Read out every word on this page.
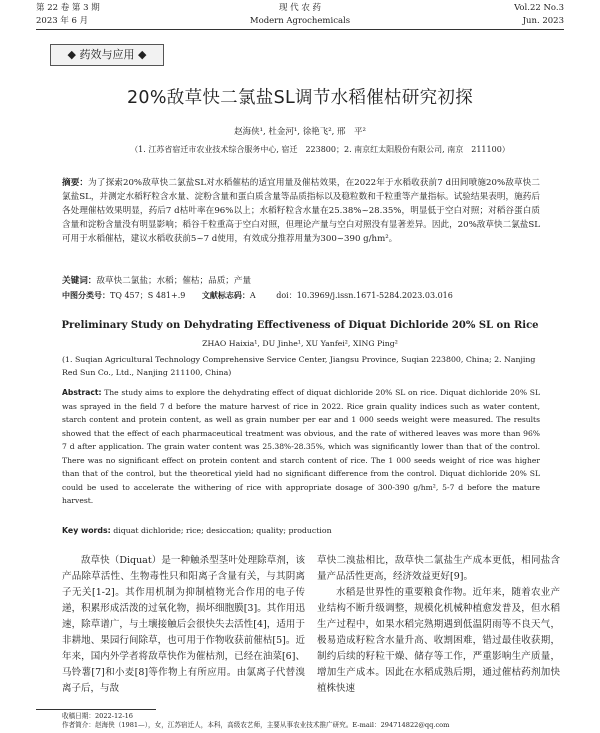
第 22 卷 第 3 期	现 代 农 药	Vol.22 No.3
2023 年 6 月	Modern Agrochemicals	Jun. 2023
◆ 药效与应用 ◆
20%敌草快二氯盐SL调节水稻催枯研究初探
赵海侠¹, 杜金河¹, 徐艳飞², 邢　平²
（1. 江苏省宿迁市农业技术综合服务中心, 宿迁　223800；2. 南京红太阳股份有限公司, 南京　211100）
摘要：为了探索20%敌草快二氯盐SL对水稻催枯的适宜用量及催枯效果，在2022年于水稻收获前7 d田间喷施20%敌草快二氯盐SL，并测定水稻籽粒含水量、淀粉含量和蛋白质含量等品质指标以及稳粒数和千粒重等产量指标。试验结果表明，施药后各处理催枯效果明显，药后7 d枯叶率在96%以上；水稻籽粒含水量在25.38%~28.35%，明显低于空白对照；对稻谷蛋白质含量和淀粉含量没有明显影响；稻谷千粒重高于空白对照，但理论产量与空白对照没有显著差异。因此，20%敌草快二氯盐SL可用于水稻催枯，建议水稻收获前5~7 d使用，有效成分推荐用量为300~390 g/hm²。
关键词：敌草快二氯盐；水稻；催枯；品质；产量
中图分类号：TQ 457；S 481+.9 文献标志码：A	doi：10.3969/j.issn.1671-5284.2023.03.016
Preliminary Study on Dehydrating Effectiveness of Diquat Dichloride 20% SL on Rice
ZHAO Haixia¹, DU Jinhe¹, XU Yanfei², XING Ping²
(1. Suqian Agricultural Technology Comprehensive Service Center, Jiangsu Province, Suqian 223800, China; 2. Nanjing Red Sun Co., Ltd., Nanjing 211100, China)
Abstract: The study aims to explore the dehydrating effect of diquat dichloride 20% SL on rice. Diquat dichloride 20% SL was sprayed in the field 7 d before the mature harvest of rice in 2022. Rice grain quality indices such as water content, starch content and protein content, as well as grain number per ear and 1 000 seeds weight were measured. The results showed that the effect of each pharmaceutical treatment was obvious, and the rate of withered leaves was more than 96% 7 d after application. The grain water content was 25.38%-28.35%, which was significantly lower than that of the control. There was no significant effect on protein content and starch content of rice. The 1 000 seeds weight of rice was higher than that of the control, but the theoretical yield had no significant difference from the control. Diquat dichloride 20% SL could be used to accelerate the withering of rice with appropriate dosage of 300-390 g/hm², 5-7 d before the mature harvest.
Key words: diquat dichloride; rice; desiccation; quality; production

敌草快（Diquat）是一种触杀型茎叶处理除草剂，该产品除草活性、生物毒性只和阳离子含量有关，与其阴离子无关[1-2]。其作用机制为抑制植物光合作用的电子传递，积累形成活泼的过氧化物，损坏细胞膜[3]。其作用迅速，除草谱广，与土壤接触后会很快失去活性[4]，适用于非耕地、果园行间除草，也可用于作物收获前催枯[5]。近年来，国内外学者将敌草快作为催枯剂，已经在油菜[6]、马铃薯[7]和小麦[8]等作物上有所应用。由氯离子代替溴离子后，与敌

草快二溴盐相比，敌草快二氯盐生产成本更低，相同盐含量产品活性更高，经济效益更好[9]。

水稻是世界性的重要粮食作物。近年来，随着农业产业结构不断升级调整，规模化机械种植愈发普及，但水稻生产过程中，如果水稻完熟期遇到低温阴雨等不良天气，极易造成籽粒含水量升高、收割困难，错过最佳收获期，制约后续的籽粒干燥、储存等工作，严重影响生产质量，增加生产成本。因此在水稻成熟后期，通过催枯药剂加快植株快速

收稿日期：2022-12-16
作者简介：赵海侠（1981—），女，江苏宿迁人，本科，高级农艺师，主要从事农业技术推广研究。E-mail：294714822@qq.com
